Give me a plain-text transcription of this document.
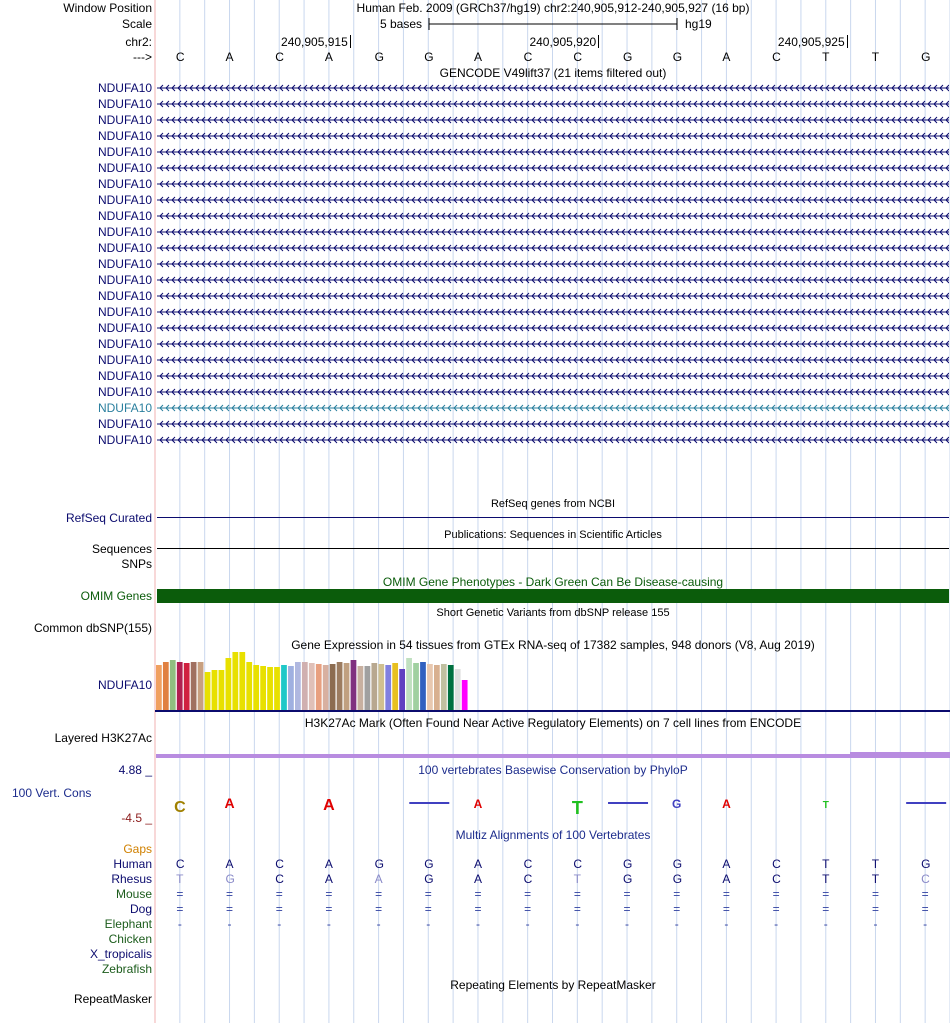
Window Position	Human Feb. 2009 (GRCh37/hg19) chr2:240,905,912-240,905,927 (16 bp)
Scale	5 bases	hg19
chr2:	240,905,915	240,905,920	240,905,925
---> C	A	C	A	G	G	A	C	C	G	G	A	C	T	T	G
GENCODE V49lift37 (21 items filtered out)
NDUFA10
NDUFA10
NDUFA10
NDUFA10
NDUFA10
NDUFA10
NDUFA10
NDUFA10
NDUFA10
NDUFA10
NDUFA10
NDUFA10
NDUFA10
NDUFA10
NDUFA10
NDUFA10
NDUFA10
NDUFA10
NDUFA10
NDUFA10
NDUFA10
NDUFA10
NDUFA10
RefSeq genes from NCBI
RefSeq Curated
Publications: Sequences in Scientific Articles
Sequences
SNPs
OMIM Gene Phenotypes - Dark Green Can Be Disease-causing
OMIM Genes
Short Genetic Variants from dbSNP release 155
Common dbSNP(155)
Gene Expression in 54 tissues from GTEx RNA-seq of 17382 samples, 948 donors (V8, Aug 2019)
NDUFA10
H3K27Ac Mark (Often Found Near Active Regulatory Elements) on 7 cell lines from ENCODE
Layered H3K27Ac
4.88 _	100 vertebrates Basewise Conservation by PhyloP
100 Vert. Cons
-4.5 _
C	A	A	A	T	G	A	T
Multiz Alignments of 100 Vertebrates
Gaps
Human C	A	C	A	G	G	A	C	C	G	G	A	C	T	T	G
Rhesus T	G	C	A	A	G	A	C	T	G	G	A	C	T	T	C
Mouse =	=	=	=	=	=	=	=	=	=	=	=	=	=	=	=
Dog =	=	=	=	=	=	=	=	=	=	=	=	=	=	=	=
Elephant -	-	-	-	-	-	-	-	-	-	-	-	-	-	-	-
Chicken
X_tropicalis
Zebrafish
Repeating Elements by RepeatMasker
RepeatMasker
